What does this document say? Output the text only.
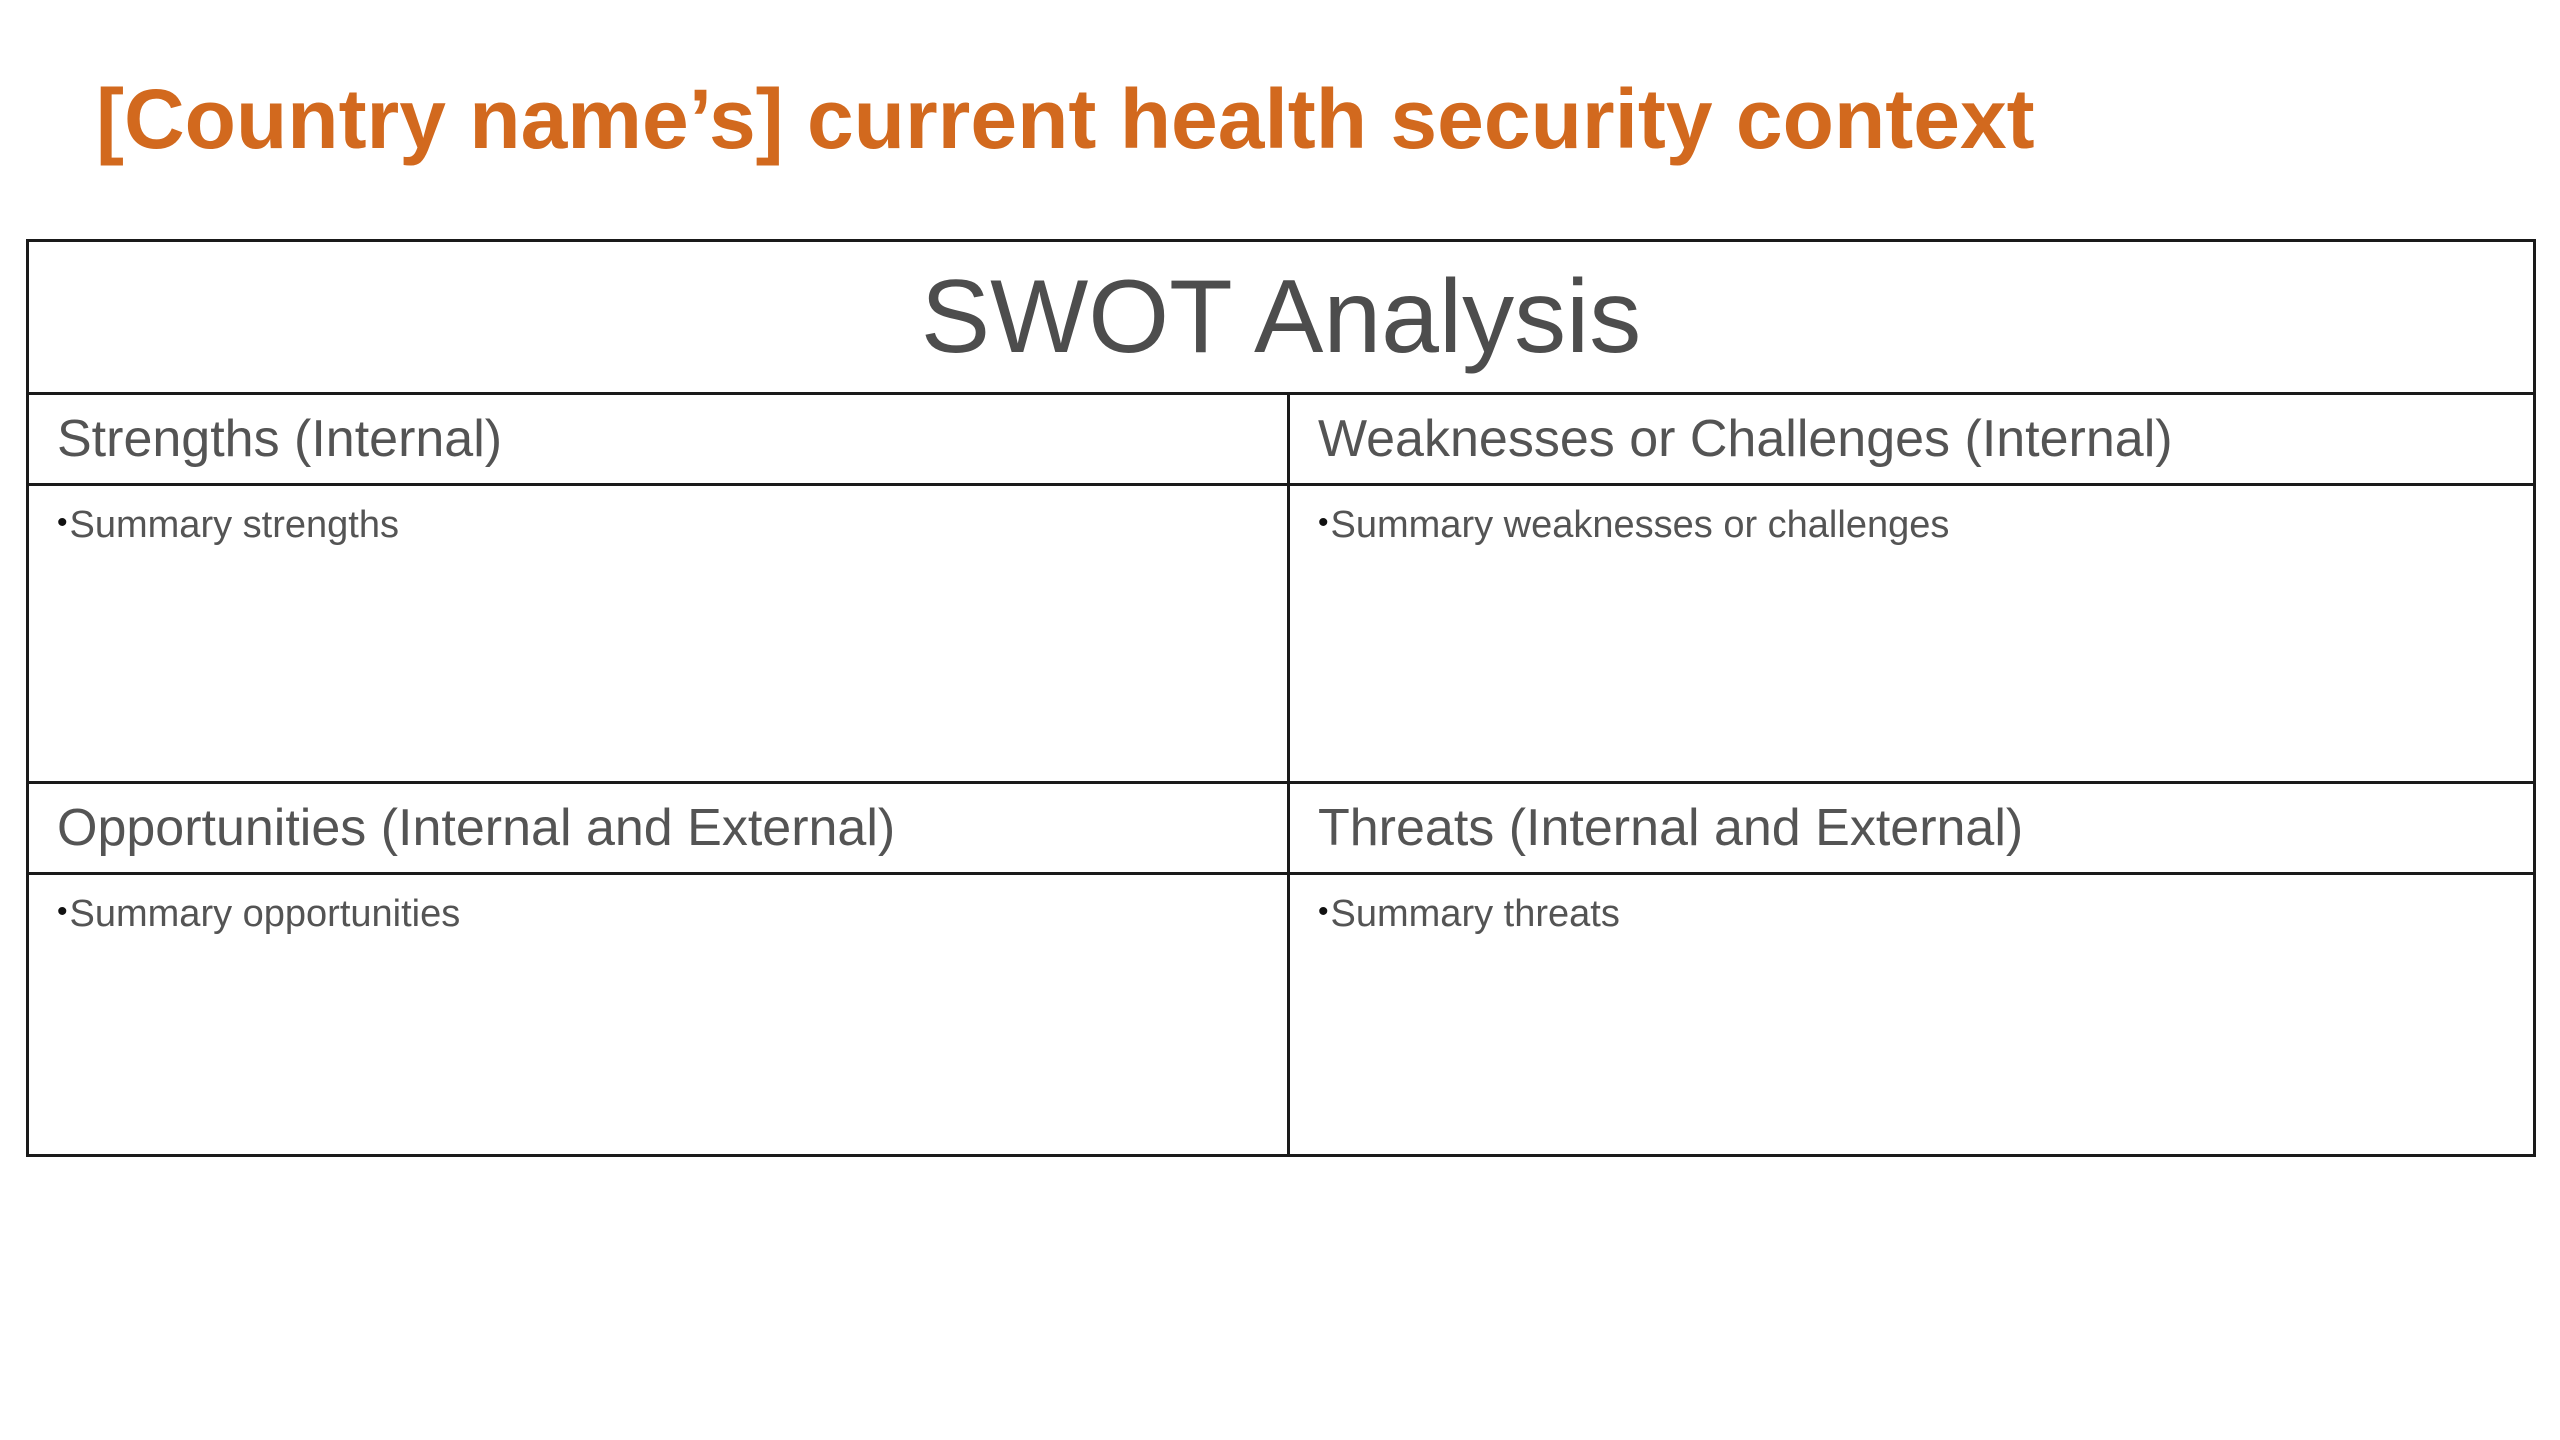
[Country name’s] current health security context
SWOT Analysis
Strengths (Internal)	Weaknesses or Challenges (Internal)
• Summary strengths	• Summary weaknesses or challenges
Opportunities (Internal and External)	Threats (Internal and External)
• Summary opportunities	• Summary threats
